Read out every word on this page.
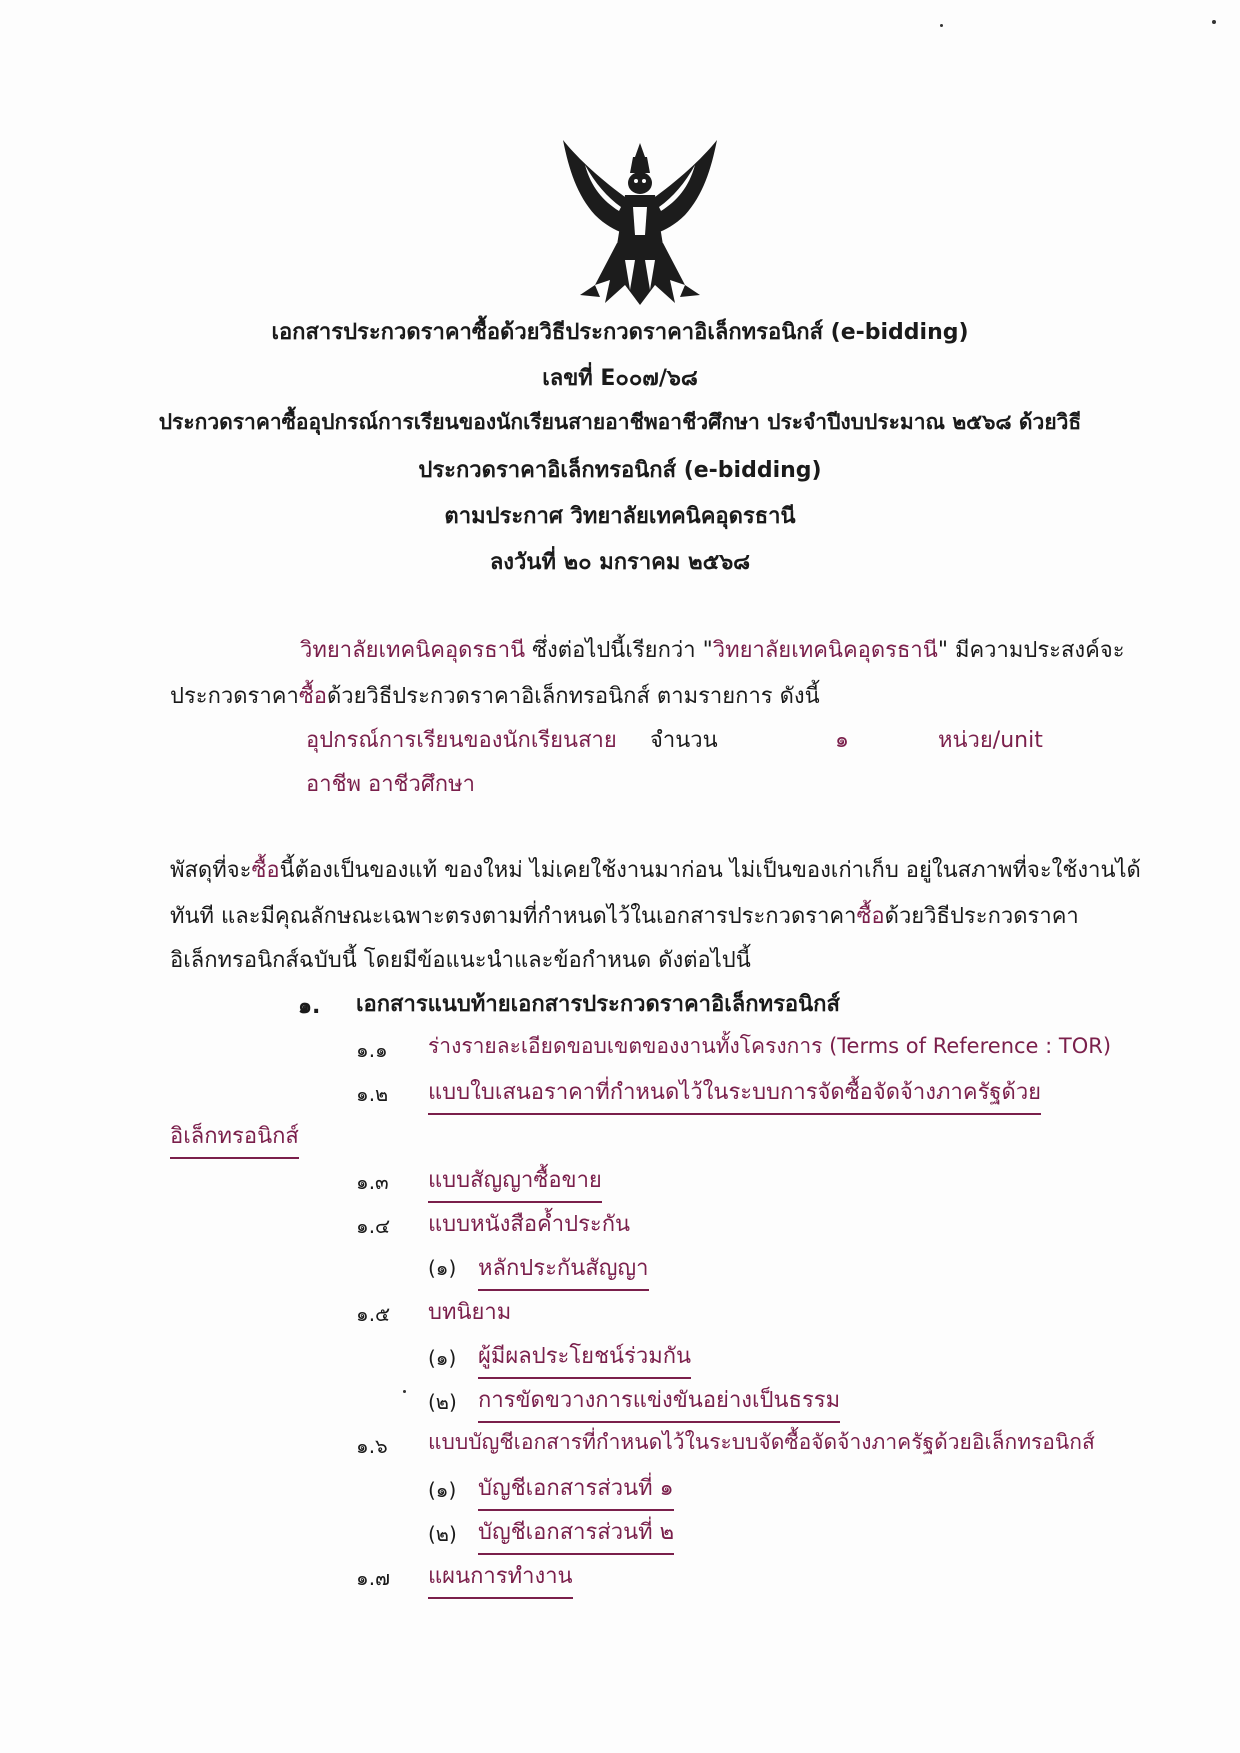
เอกสารประกวดราคาซื้อด้วยวิธีประกวดราคาอิเล็กทรอนิกส์ (e-bidding)
เลขที่ E๐๐๗/๖๘
ประกวดราคาซื้ออุปกรณ์การเรียนของนักเรียนสายอาชีพอาชีวศึกษา ประจำปีงบประมาณ ๒๕๖๘ ด้วยวิธี
ประกวดราคาอิเล็กทรอนิกส์ (e-bidding)
ตามประกาศ วิทยาลัยเทคนิคอุดรธานี
ลงวันที่ ๒๐ มกราคม ๒๕๖๘
วิทยาลัยเทคนิคอุดรธานี ซึ่งต่อไปนี้เรียกว่า "วิทยาลัยเทคนิคอุดรธานี" มีความประสงค์จะ
ประกวดราคาซื้อด้วยวิธีประกวดราคาอิเล็กทรอนิกส์ ตามรายการ ดังนี้
อุปกรณ์การเรียนของนักเรียนสาย
อาชีพ อาชีวศึกษา
จำนวน	๑	หน่วย/unit
พัสดุที่จะซื้อนี้ต้องเป็นของแท้ ของใหม่ ไม่เคยใช้งานมาก่อน ไม่เป็นของเก่าเก็บ อยู่ในสภาพที่จะใช้งานได้
ทันที และมีคุณลักษณะเฉพาะตรงตามที่กำหนดไว้ในเอกสารประกวดราคาซื้อด้วยวิธีประกวดราคา
อิเล็กทรอนิกส์ฉบับนี้ โดยมีข้อแนะนำและข้อกำหนด ดังต่อไปนี้
๑. เอกสารแนบท้ายเอกสารประกวดราคาอิเล็กทรอนิกส์
๑.๑ ร่างรายละเอียดขอบเขตของงานทั้งโครงการ (Terms of Reference : TOR)
๑.๒ แบบใบเสนอราคาที่กำหนดไว้ในระบบการจัดซื้อจัดจ้างภาครัฐด้วย
อิเล็กทรอนิกส์
๑.๓ แบบสัญญาซื้อขาย
๑.๔ แบบหนังสือค้ำประกัน
(๑) หลักประกันสัญญา
๑.๕ บทนิยาม
(๑) ผู้มีผลประโยชน์ร่วมกัน
(๒) การขัดขวางการแข่งขันอย่างเป็นธรรม
๑.๖ แบบบัญชีเอกสารที่กำหนดไว้ในระบบจัดซื้อจัดจ้างภาครัฐด้วยอิเล็กทรอนิกส์
(๑) บัญชีเอกสารส่วนที่ ๑
(๒) บัญชีเอกสารส่วนที่ ๒
๑.๗ แผนการทำงาน
